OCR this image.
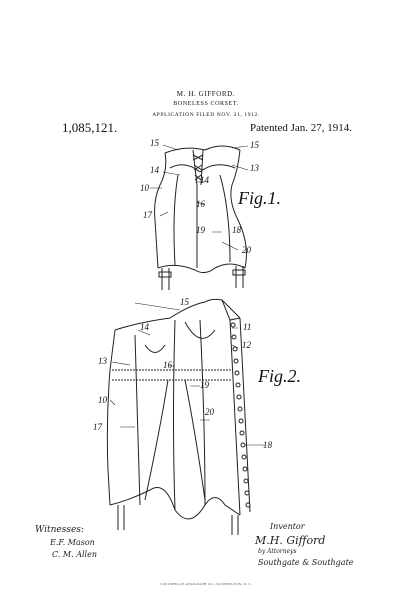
M. H. GIFFORD.
BONELESS CORSET.
APPLICATION FILED NOV. 21, 1912.
1,085,121.	Patented Jan. 27, 1914.
Fig.1.
Fig.2.
15	15
14	13
14
10
16
17
19	18
20
15
14	11
12
13	16
19
10
20
17
18
Witnesses:
E.F. Mason
C. M. Allen
Inventor
M.H. Gifford
by Attorneys
Southgate & Southgate
COLUMBIA PLANOGRAPH CO., WASHINGTON, D. C.
